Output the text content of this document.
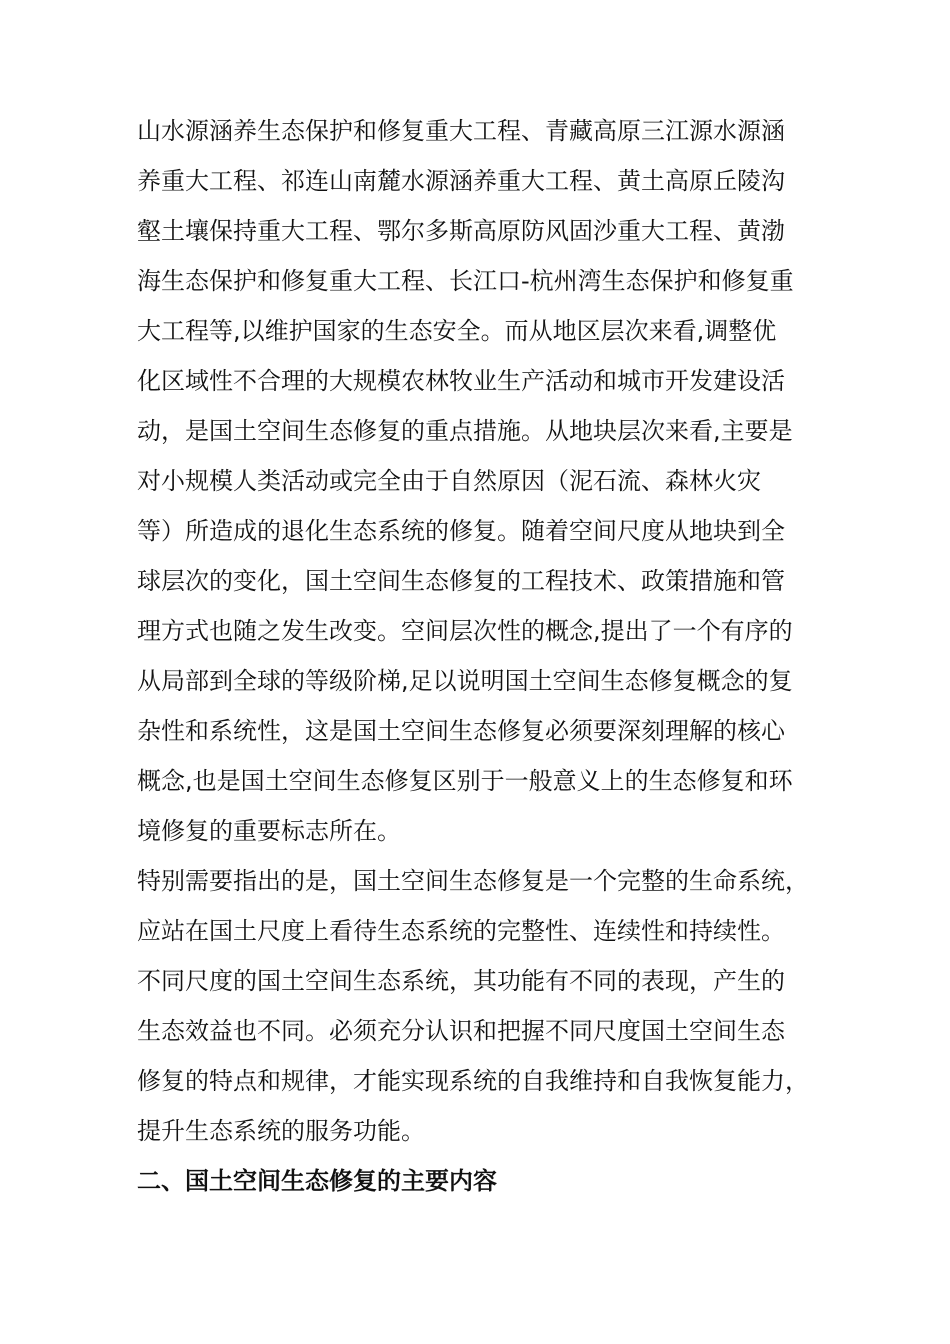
山水源涵养生态保护和修复重大工程、青藏高原三江源水源涵
养重大工程、祁连山南麓水源涵养重大工程、黄土高原丘陵沟
壑土壤保持重大工程、鄂尔多斯高原防风固沙重大工程、黄渤
海生态保护和修复重大工程、长江口-杭州湾生态保护和修复重
大工程等,以维护国家的生态安全。而从地区层次来看,调整优
化区域性不合理的大规模农林牧业生产活动和城市开发建设活
动，是国土空间生态修复的重点措施。从地块层次来看,主要是
对小规模人类活动或完全由于自然原因（泥石流、森林火灾
等）所造成的退化生态系统的修复。随着空间尺度从地块到全
球层次的变化，国土空间生态修复的工程技术、政策措施和管
理方式也随之发生改变。空间层次性的概念,提出了一个有序的
从局部到全球的等级阶梯,足以说明国土空间生态修复概念的复
杂性和系统性，这是国土空间生态修复必须要深刻理解的核心
概念,也是国土空间生态修复区别于一般意义上的生态修复和环
境修复的重要标志所在。
特别需要指出的是，国土空间生态修复是一个完整的生命系统，
应站在国土尺度上看待生态系统的完整性、连续性和持续性。
不同尺度的国土空间生态系统，其功能有不同的表现，产生的
生态效益也不同。必须充分认识和把握不同尺度国土空间生态
修复的特点和规律，才能实现系统的自我维持和自我恢复能力，
提升生态系统的服务功能。
二、国土空间生态修复的主要内容
